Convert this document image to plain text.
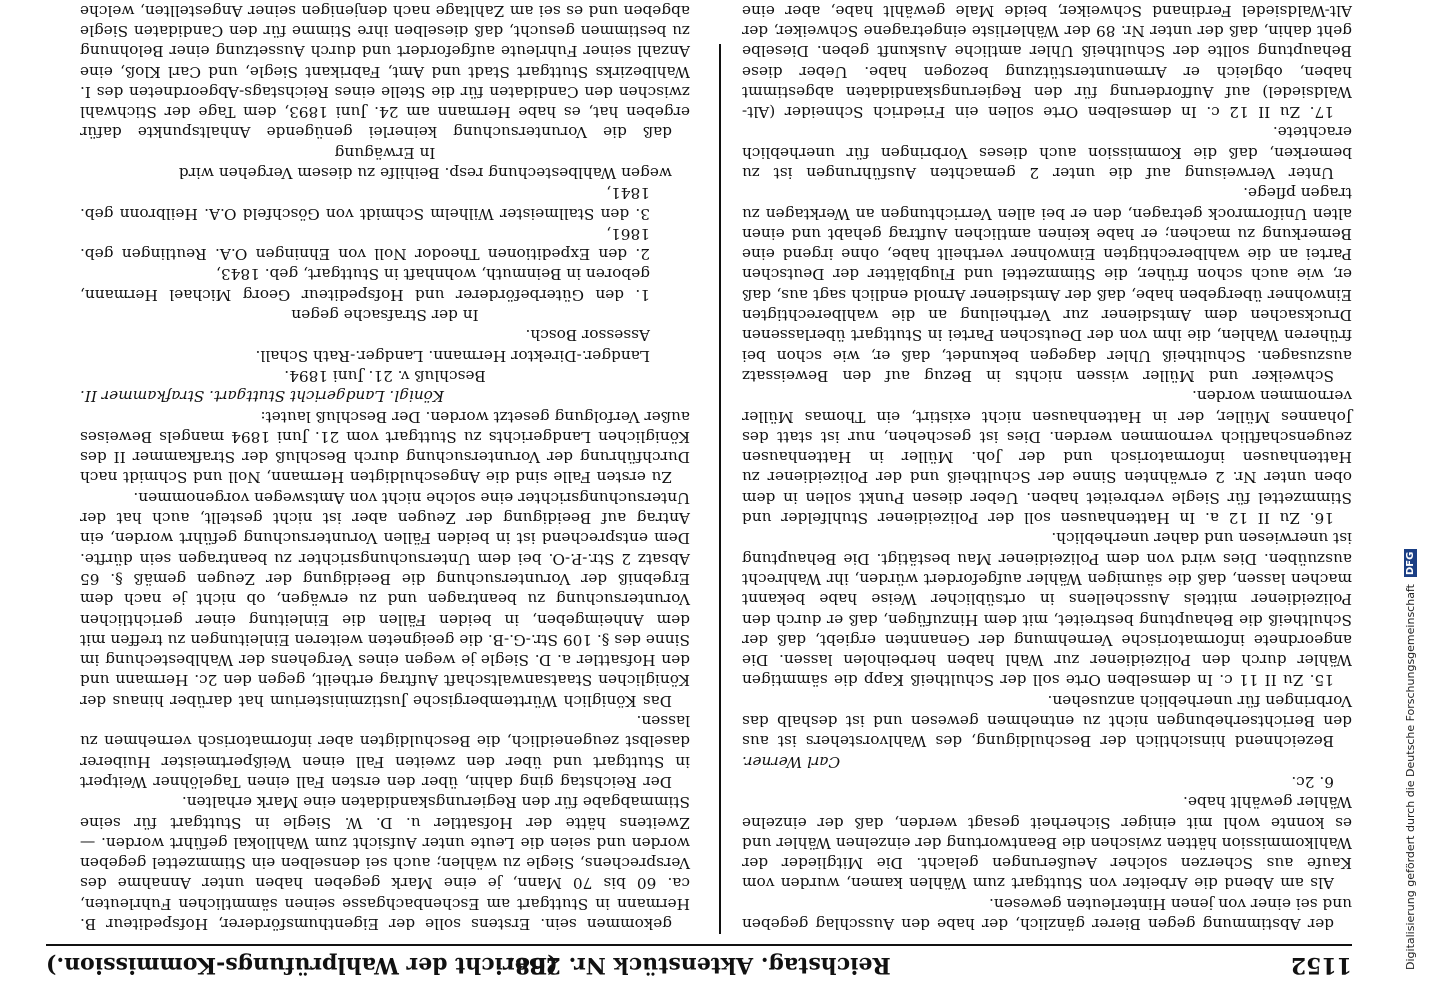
1152
Reichstag. Aktenstück Nr. 268.
(Bericht der Wahlprüfungs-Kommission.)

der Abstimmung gegen Bierer gänzlich, der habe den Ausschlag gegeben und sei einer von jenen Hinterleuten gewesen.

Als am Abend die Arbeiter von Stuttgart zum Wählen kamen, wurden vom Kaufe aus Scherzen solcher Aeußerungen gelacht. Die Mitglieder der Wahlkommission hätten zwischen die Beantwortung der einzelnen Wähler und es konnte wohl mit einiger Sicherheit gesagt werden, daß der einzelne Wähler gewählt habe.

6. 2c.

Carl Werner.

Bezeichnend hinsichtlich der Beschuldigung, des Wahlvorstehers ist aus den Berichtserhebungen nicht zu entnehmen gewesen und ist deshalb das Vorbringen für unerheblich anzusehen.

15. Zu II 11 c. In demselben Orte soll der Schultheiß Kapp die sämmtigen Wähler durch den Polizeidiener zur Wahl haben herbeiholen lassen. Die angeordnete informatorische Vernehmung der Genannten ergiebt, daß der Schultheiß die Behauptung bestreitet, mit dem Hinzufügen, daß er durch den Polizeidiener mittels Ausschellens in ortsüblicher Weise habe bekannt machen lassen, daß die säumigen Wähler aufgefordert würden, ihr Wahlrecht auszuüben. Dies wird von dem Polizeidiener Mau bestätigt. Die Behauptung ist unerwiesen und daher unerheblich.

16. Zu II 12 a. In Hattenhausen soll der Polizeidiener Stuhlfelder und Stimmzettel für Siegle verbreitet haben. Ueber diesen Punkt sollen in dem oben unter Nr. 2 erwähnten Sinne der Schultheiß und der Polizeidiener zu Hattenhausen informatorisch und der Joh. Müller in Hattenhausen zeugenschaftlich vernommen werden. Dies ist geschehen, nur ist statt des Johannes Müller, der in Hattenhausen nicht existirt, ein Thomas Müller vernommen worden.

Schweiker und Müller wissen nichts in Bezug auf den Beweissatz auszusagen. Schultheiß Uhler dagegen bekundet, daß er, wie schon bei früheren Wahlen, die ihm von der Deutschen Partei in Stuttgart überlassenen Drucksachen dem Amtsdiener zur Vertheilung an die wahlberechtigten Einwohner übergeben habe, daß der Amtsdiener Arnold endlich sagt aus, daß er, wie auch schon früher, die Stimmzettel und Flugblätter der Deutschen Partei an die wahlberechtigten Einwohner vertheilt habe, ohne irgend eine Bemerkung zu machen; er habe keinen amtlichen Auftrag gehabt und einen alten Uniformrock getragen, den er bei allen Verrichtungen an Werktagen zu tragen pflege.

Unter Verweisung auf die unter 2 gemachten Ausführungen ist zu bemerken, daß die Kommission auch dieses Vorbringen für unerheblich erachtete.

17. Zu II 12 c. In demselben Orte sollen ein Friedrich Schneider (Alt-Waldsiedel) auf Aufforderung für den Regierungskandidaten abgestimmt haben, obgleich er Armenunterstützung bezogen habe. Ueber diese Behauptung sollte der Schultheiß Uhler amtliche Auskunft geben. Dieselbe geht dahin, daß der unter Nr. 89 der Wählerliste eingetragene Schweiker, der Alt-Waldsiedel Ferdinand Schweiker, beide Male gewählt habe, aber eine

gekommen sein. Erstens solle der Eigenthumsförderer, Hofspediteur B. Hermann in Stuttgart am Eschenbachgasse seinen sämmtlichen Fuhrleuten, ca. 60 bis 70 Mann, je eine Mark gegeben haben unter Annahme des Versprechens, Siegle zu wählen; auch sei denselben ein Stimmzettel gegeben worden und seien die Leute unter Aufsicht zum Wahllokal geführt worden. — Zweitens hätte der Hofsattler u. D. W. Siegle in Stuttgart für seine Stimmabgabe für den Regierungskandidaten eine Mark erhalten.

Der Reichstag ging dahin, über den ersten Fall einen Tagelöhner Weitpert in Stuttgart und über den zweiten Fall einen Weißpertmeister Huiberer daselbst zeugeneidlich, die Beschuldigten aber informatorisch vernehmen zu lassen.

Das Königlich Württembergische Justizministerium hat darüber hinaus der Königlichen Staatsanwaltschaft Auftrag ertheilt, gegen den 2c. Hermann und den Hofsattler a. D. Siegle je wegen eines Vergehens der Wahlbestechung im Sinne des §. 109 Str.-G.-B. die geeigneten weiteren Einleitungen zu treffen mit dem Anheimgeben, in beiden Fällen die Einleitung einer gerichtlichen Voruntersuchung zu beantragen und zu erwägen, ob nicht je nach dem Ergebniß der Voruntersuchung die Beeidigung der Zeugen gemäß §. 65 Absatz 2 Str.-P.-O. bei dem Untersuchungsrichter zu beantragen sein dürfte. Dem entsprechend ist in beiden Fällen Voruntersuchung geführt worden, ein Antrag auf Beeidigung der Zeugen aber ist nicht gestellt, auch hat der Untersuchungsrichter eine solche nicht von Amtswegen vorgenommen.

Zu ersten Falle sind die Angeschuldigten Hermann, Noll und Schmidt nach Durchführung der Voruntersuchung durch Beschluß der Strafkammer II des Königlichen Landgerichts zu Stuttgart vom 21. Juni 1894 mangels Beweises außer Verfolgung gesetzt worden. Der Beschluß lautet:

Königl. Landgericht Stuttgart. Strafkammer II.

Beschluß v. 21. Juni 1894.

Landger.-Direktor Hermann. Landger.-Rath Schall.

Assessor Bosch.

In der Strafsache gegen

1. den Güterbeförderer und Hofspediteur Georg Michael Hermann, geboren in Beinmuth, wohnhaft in Stuttgart, geb. 1843,

2. den Expeditionen Theodor Noll von Ehningen O.A. Reutlingen geb. 1861,

3. den Stallmeister Wilhelm Schmidt von Göschfeld O.A. Heilbronn geb. 1841,

wegen Wahlbestechung resp. Beihilfe zu diesem Vergehen wird

In Erwägung

daß die Voruntersuchung keinerlei genügende Anhaltspunkte dafür ergeben hat, es habe Hermann am 24. Juni 1893, dem Tage der Stichwahl zwischen den Candidaten für die Stelle eines Reichstags-Abgeordneten des I. Wahlbezirks Stuttgart Stadt und Amt, Fabrikant Siegle, und Carl Kloß, eine Anzahl seiner Fuhrleute aufgefordert und durch Aussetzung einer Belohnung zu bestimmen gesucht, daß dieselben ihre Stimme für den Candidaten Siegle abgeben und es sei am Zahltage nach denjenigen seiner Angestellten, welche

Digitalisierung gefördert durch die Deutsche Forschungsgemeinschaft DFG
